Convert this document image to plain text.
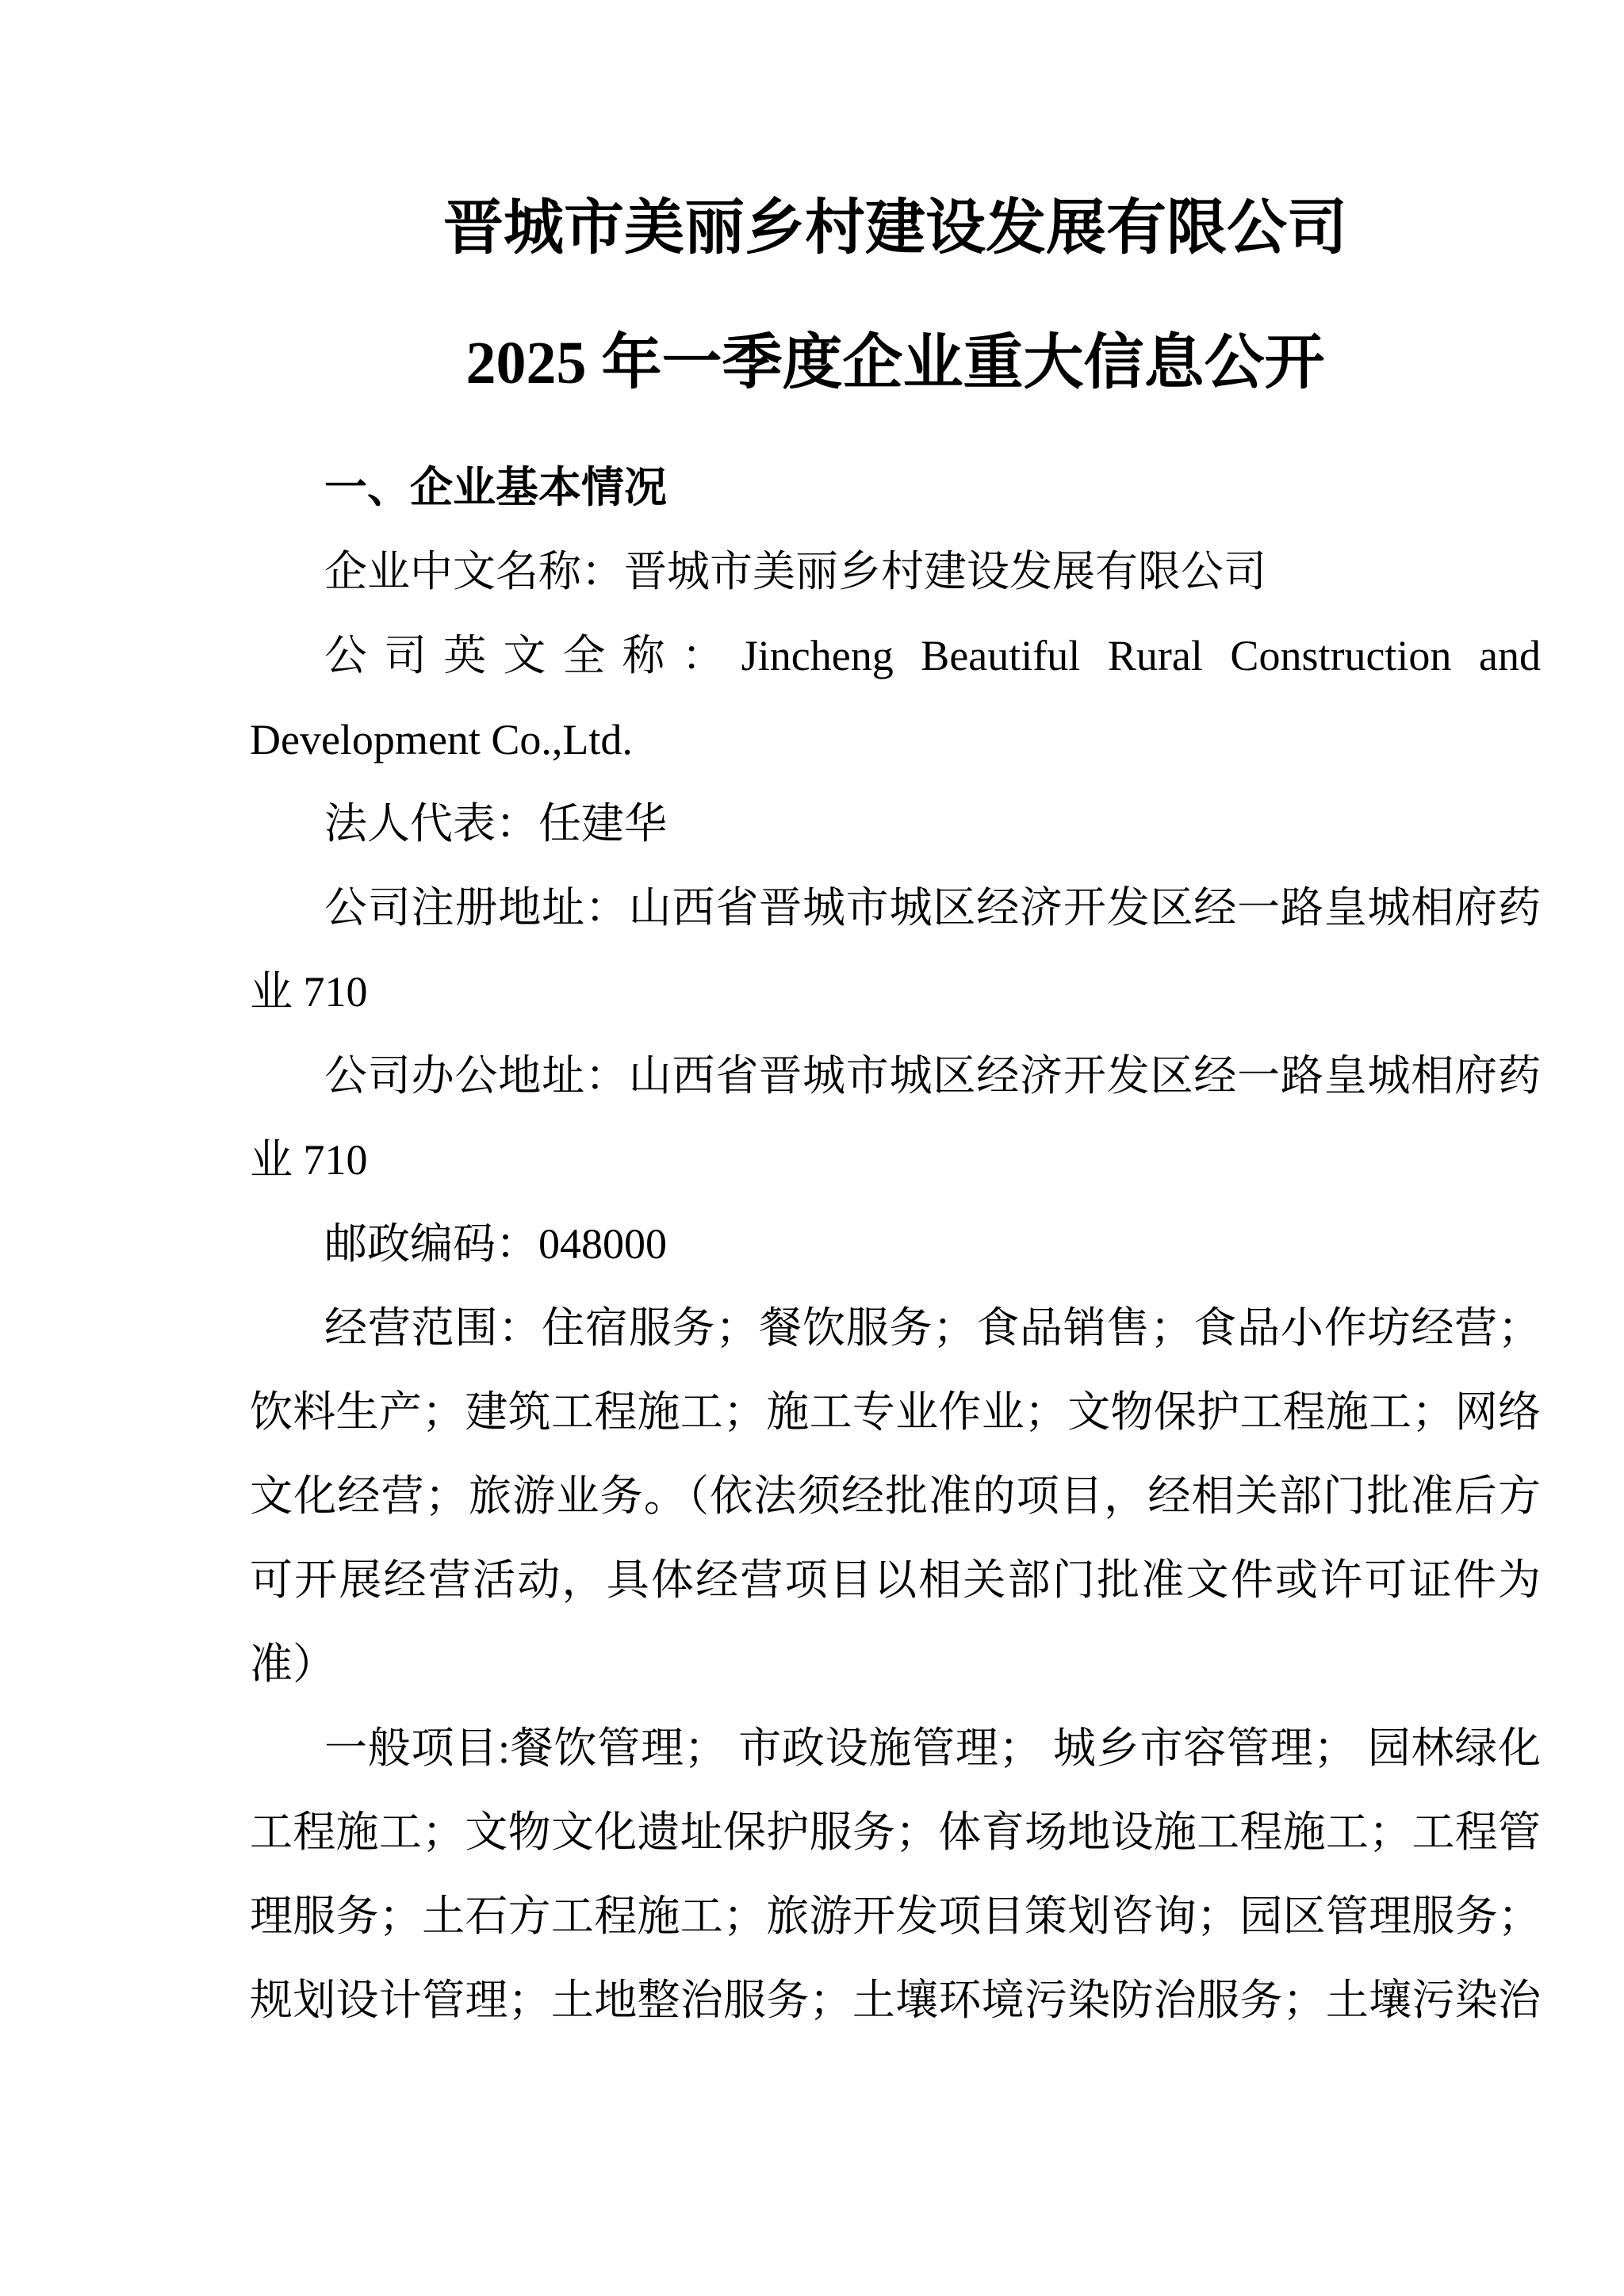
晋城市美丽乡村建设发展有限公司
2025 年一季度企业重大信息公开
一、企业基本情况
企业中文名称：晋城市美丽乡村建设发展有限公司
公司英文全称：Jincheng Beautiful Rural Construction and
Development Co.,Ltd.
法人代表：任建华
公司注册地址：山西省晋城市城区经济开发区经一路皇城相府药
业 710
公司办公地址：山西省晋城市城区经济开发区经一路皇城相府药
业 710
邮政编码：048000
经营范围：住宿服务；餐饮服务；食品销售；食品小作坊经营；
饮料生产；建筑工程施工；施工专业作业；文物保护工程施工；网络
文化经营；旅游业务。（依法须经批准的项目，经相关部门批准后方
可开展经营活动，具体经营项目以相关部门批准文件或许可证件为
准）
一般项目:餐饮管理； 市政设施管理； 城乡市容管理； 园林绿化
工程施工；文物文化遗址保护服务；体育场地设施工程施工；工程管
理服务；土石方工程施工；旅游开发项目策划咨询；园区管理服务；
规划设计管理；土地整治服务；土壤环境污染防治服务；土壤污染治
